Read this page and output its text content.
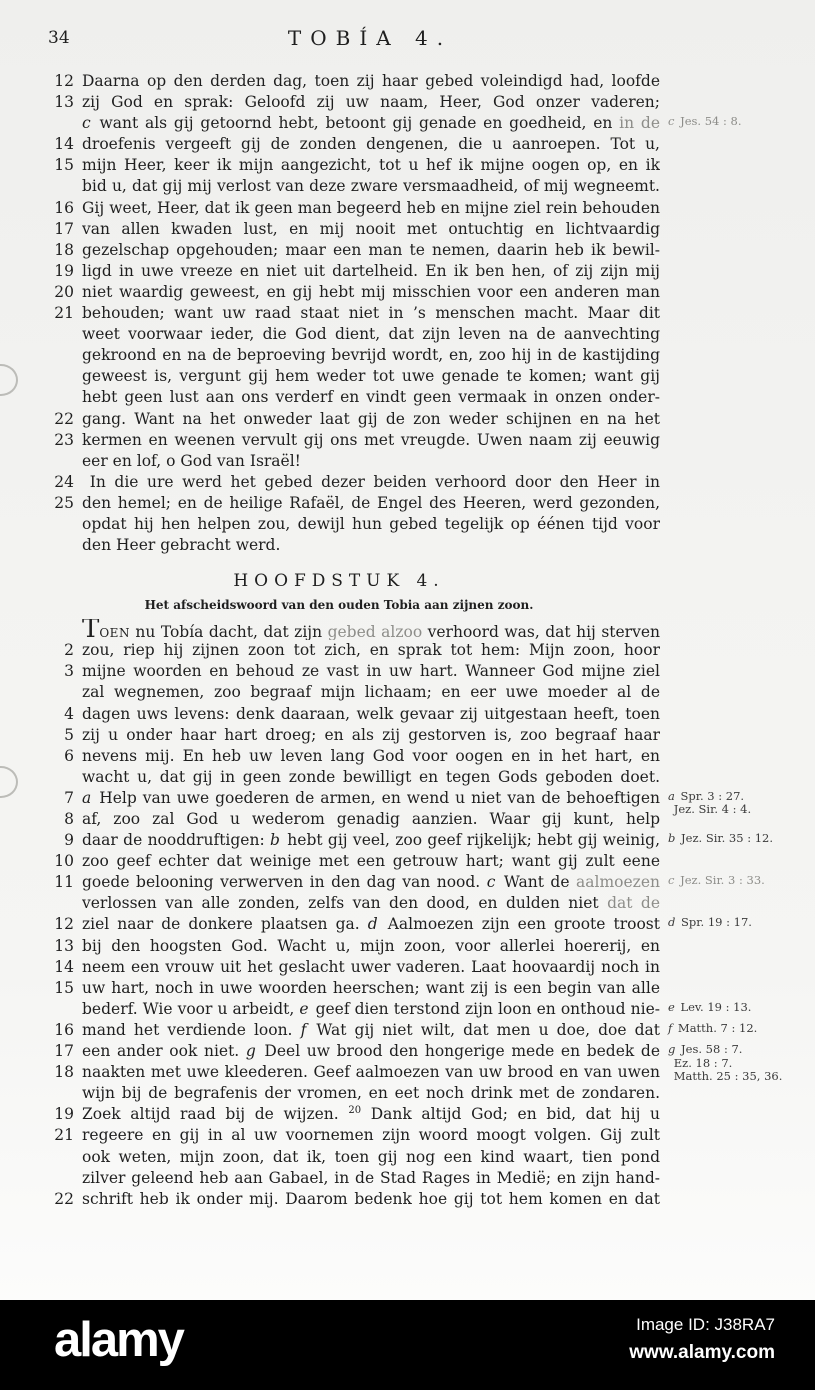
34	TOBÍA 4.
12 Daarna op den derden dag, toen zij haar gebed voleindigd had, loofde
13 zij God en sprak: Geloofd zij uw naam, Heer, God onzer vaderen;
c want als gij getoornd hebt, betoont gij genade en goedheid, en in de c Jes. 54 : 8.
14 droefenis vergeeft gij de zonden dengenen, die u aanroepen. Tot u,
15 mijn Heer, keer ik mijn aangezicht, tot u hef ik mijne oogen op, en ik
bid u, dat gij mij verlost van deze zware versmaadheid, of mij wegneemt.
16 Gij weet, Heer, dat ik geen man begeerd heb en mijne ziel rein behouden
17 van allen kwaden lust, en mij nooit met ontuchtig en lichtvaardig
18 gezelschap opgehouden; maar een man te nemen, daarin heb ik bewil-
19 ligd in uwe vreeze en niet uit dartelheid. En ik ben hen, of zij zijn mij
20 niet waardig geweest, en gij hebt mij misschien voor een anderen man
21 behouden; want uw raad staat niet in ’s menschen macht. Maar dit
weet voorwaar ieder, die God dient, dat zijn leven na de aanvechting
gekroond en na de beproeving bevrijd wordt, en, zoo hij in de kastijding
geweest is, vergunt gij hem weder tot uwe genade te komen; want gij
hebt geen lust aan ons verderf en vindt geen vermaak in onzen onder-
22 gang. Want na het onweder laat gij de zon weder schijnen en na het
23 kermen en weenen vervult gij ons met vreugde. Uwen naam zij eeuwig
eer en lof, o God van Israël!
24  In die ure werd het gebed dezer beiden verhoord door den Heer in
25 den hemel; en de heilige Rafaël, de Engel des Heeren, werd gezonden,
opdat hij hen helpen zou, dewijl hun gebed tegelijk op éénen tijd voor
den Heer gebracht werd.
HOOFDSTUK 4.
Het afscheidswoord van den ouden Tobia aan zijnen zoon.
TOEN nu Tobía dacht, dat zijn gebed alzoo verhoord was, dat hij sterven
2 zou, riep hij zijnen zoon tot zich, en sprak tot hem: Mijn zoon, hoor
3 mijne woorden en behoud ze vast in uw hart. Wanneer God mijne ziel
zal wegnemen, zoo begraaf mijn lichaam; en eer uwe moeder al de
4 dagen uws levens: denk daaraan, welk gevaar zij uitgestaan heeft, toen
5 zij u onder haar hart droeg; en als zij gestorven is, zoo begraaf haar
6 nevens mij. En heb uw leven lang God voor oogen en in het hart, en
wacht u, dat gij in geen zonde bewilligt en tegen Gods geboden doet.
7 a Help van uwe goederen de armen, en wend u niet van de behoeftigen a Spr. 3 : 27.
 Jez. Sir. 4 : 4.
8 af, zoo zal God u wederom genadig aanzien. Waar gij kunt, help
9 daar de nooddruftigen: b hebt gij veel, zoo geef rijkelijk; hebt gij weinig, b Jez. Sir. 35 : 12.
10 zoo geef echter dat weinige met een getrouw hart; want gij zult eene
11 goede belooning verwerven in den dag van nood. c Want de aalmoezen c Jez. Sir. 3 : 33.
verlossen van alle zonden, zelfs van den dood, en dulden niet dat de
12 ziel naar de donkere plaatsen ga. d Aalmoezen zijn een groote troost d Spr. 19 : 17.
13 bij den hoogsten God. Wacht u, mijn zoon, voor allerlei hoererij, en
14 neem een vrouw uit het geslacht uwer vaderen. Laat hoovaardij noch in
15 uw hart, noch in uwe woorden heerschen; want zij is een begin van alle
bederf. Wie voor u arbeidt, e geef dien terstond zijn loon en onthoud nie- e Lev. 19 : 13.
16 mand het verdiende loon. f Wat gij niet wilt, dat men u doe, doe dat f Matth. 7 : 12.
17 een ander ook niet. g Deel uw brood den hongerige mede en bedek de g Jes. 58 : 7.
 Ez. 18 : 7.
 Matth. 25 : 35, 36.
18 naakten met uwe kleederen. Geef aalmoezen van uw brood en van uwen
wijn bij de begrafenis der vromen, en eet noch drink met de zondaren.
19 Zoek altijd raad bij de wijzen. $^{20}$ Dank altijd God; en bid, dat hij u
21 regeere en gij in al uw voornemen zijn woord moogt volgen. Gij zult
ook weten, mijn zoon, dat ik, toen gij nog een kind waart, tien pond
zilver geleend heb aan Gabael, in de Stad Rages in Medië; en zijn hand-
22 schrift heb ik onder mij. Daarom bedenk hoe gij tot hem komen en dat
alamy	Image ID: J38RA7
www.alamy.com
